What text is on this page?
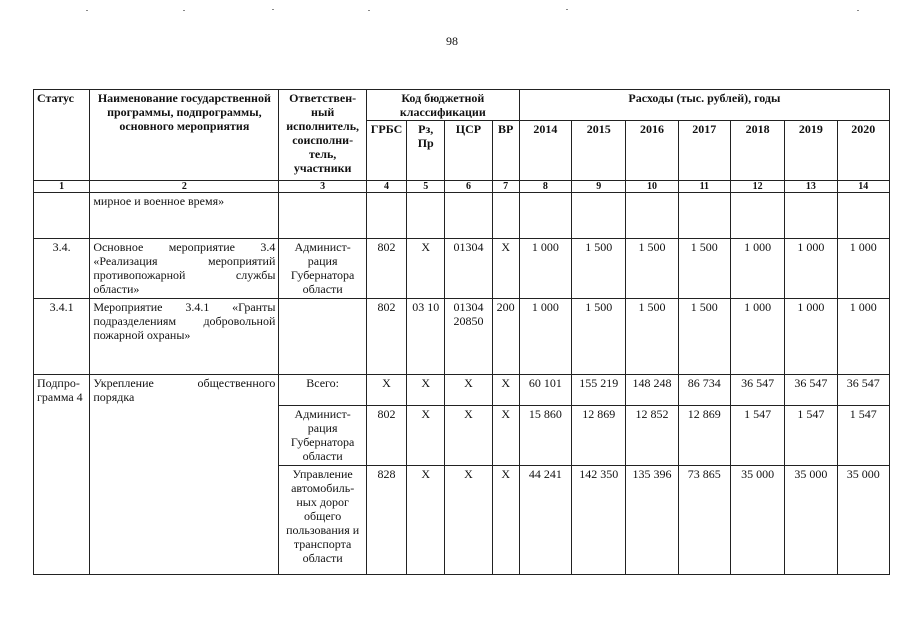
98
Статус	Наименование государственной программы, подпрограммы, основного мероприятия	Ответствен-ный исполнитель, соисполни-тель, участники	Код бюджетной классификации				Расходы (тыс. рублей), годы						
			ГРБС	Рз, Пр	ЦСР	ВР	2014	2015	2016	2017	2018	2019	2020
1	2	3	4	5	6	7	8	9	10	11	12	13	14
	мирное и военное время»												
3.4.	Основное мероприятие 3.4 «Реализация мероприятий противопожарной службы области»	Админист-рация Губернатора области	802	Х	01304	Х	1 000	1 500	1 500	1 500	1 000	1 000	1 000
3.4.1	Мероприятие 3.4.1 «Гранты подразделениям добровольной пожарной охраны»		802	03 10	01304 20850	200	1 000	1 500	1 500	1 500	1 000	1 000	1 000
Подпро-грамма 4	Укрепление общественного порядка	Всего:	Х	Х	Х	Х	60 101	155 219	148 248	86 734	36 547	36 547	36 547
		Админист-рация Губернатора области	802	Х	Х	Х	15 860	12 869	12 852	12 869	1 547	1 547	1 547
		Управление автомобиль-ных дорог общего пользования и транспорта области	828	Х	Х	Х	44 241	142 350	135 396	73 865	35 000	35 000	35 000
